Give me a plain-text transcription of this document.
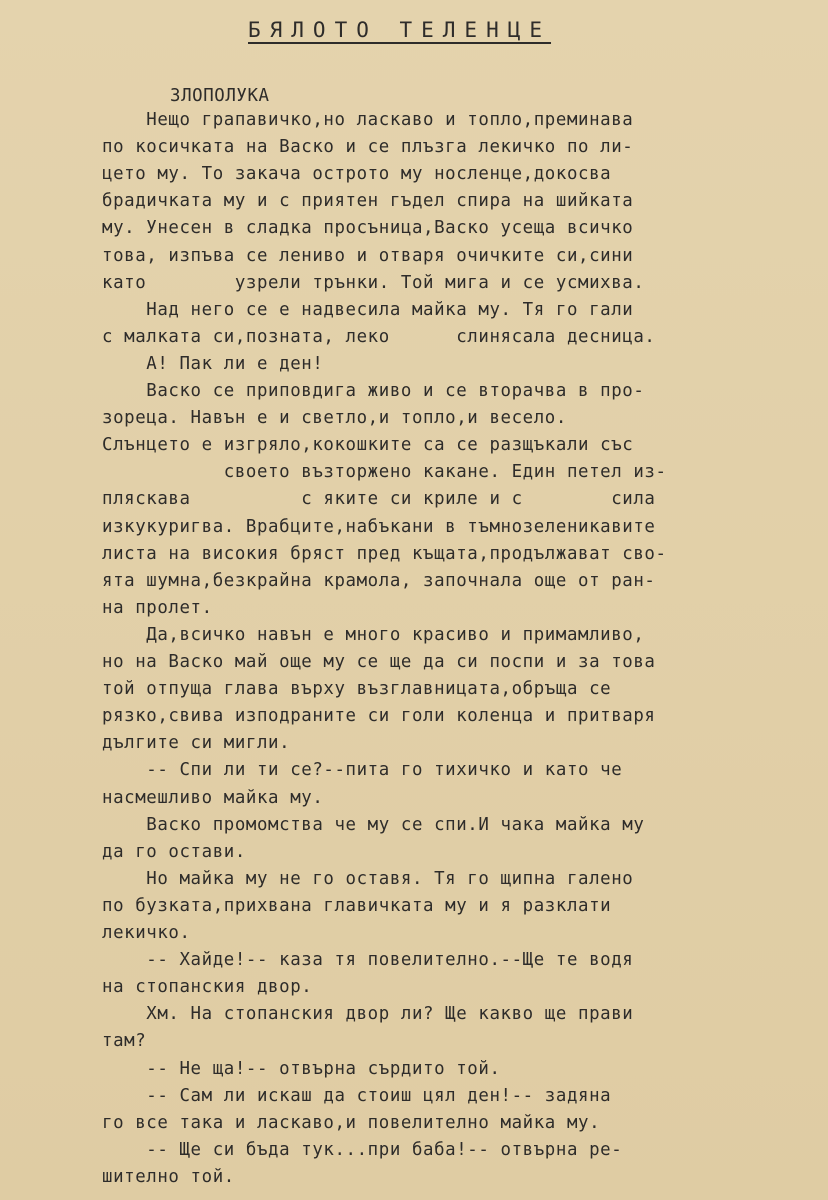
БЯЛОТО ТЕЛЕНЦЕ
ЗЛОПОЛУКА
Нещо грапавичко,но ласкаво и топло,преминава
по косичката на Васко и се плъзга лекичко по ли-
цето му. То закача острото му носленце,докосва
брадичката му и с приятен гъдел спира на шийката
му. Унесен в сладка просъница,Васко усеща всичко
това, изпъва се лениво и отваря очичките си,сини
като        узрели трънки. Той мига и се усмихва.
Над него се е надвесила майка му. Тя го гали
с малката си,позната, леко      слинясала десница.
А! Пак ли е ден!
Васко се приповдига живо и се вторачва в про-
зореца. Навън е и светло,и топло,и весело.
Слънцето е изгряло,кокошките са се разщъкали със
своето възторжено какане. Един петел из-
пляскава          с яките си криле и с        сила
изкукуригва. Врабците,набъкани в тъмнозеленикавите
листа на високия бряст пред къщата,продължават сво-
ята шумна,безкрайна крамола, започнала още от ран-
на пролет.
Да,всичко навън е много красиво и примамливо,
но на Васко май още му се ще да си поспи и за това
той отпуща глава върху възглавницата,обръща се
рязко,свива изподраните си голи коленца и притваря
дългите си мигли.
-- Спи ли ти се?--пита го тихичко и като че
насмешливо майка му.
Васко промомства че му се спи.И чака майка му
да го остави.
Но майка му не го оставя. Тя го щипна галено
по бузката,прихвана главичката му и я разклати
лекичко.
-- Хайде!-- каза тя повелително.--Ще те водя
на стопанския двор.
Хм. На стопанския двор ли? Ще какво ще прави
там?
-- Не ща!-- отвърна сърдито той.
-- Сам ли искаш да стоиш цял ден!-- задяна
го все така и ласкаво,и повелително майка му.
-- Ще си бъда тук...при баба!-- отвърна ре-
шително той.
